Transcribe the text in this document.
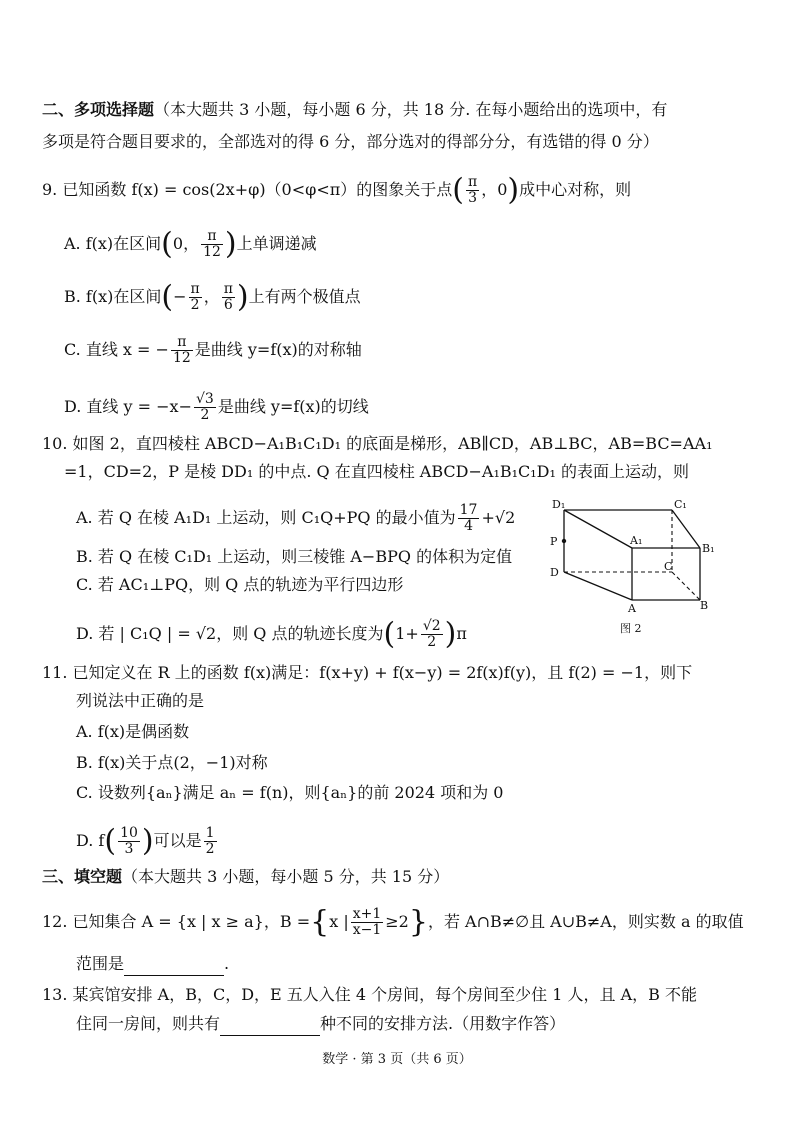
二、多项选择题（本大题共 3 小题，每小题 6 分，共 18 分. 在每小题给出的选项中，有
多项是符合题目要求的，全部选对的得 6 分，部分选对的得部分分，有选错的得 0 分）
9. 已知函数 f(x) = cos(2x+φ)（0<φ<π）的图象关于点( $\frac{\pi}{3}$ ，0)成中心对称，则
A. f(x)在区间(0， $\frac{\pi}{12}$ )上单调递减
B. f(x)在区间(− $\frac{\pi}{2}$ ， $\frac{\pi}{6}$ )上有两个极值点
C. 直线 x = − $\frac{\pi}{12}$ 是曲线 y=f(x)的对称轴
D. 直线 $y = -x- \frac{√3}{2}$ 是曲线 y=f(x)的切线
10. 如图 2，直四棱柱 ABCD−A₁B₁C₁D₁ 的底面是梯形，AB∥CD，AB⊥BC，AB=BC=AA₁
=1，CD=2，P 是棱 DD₁ 的中点. Q 在直四棱柱 ABCD−A₁B₁C₁D₁ 的表面上运动，则
A. 若 Q 在棱 A₁D₁ 上运动，则 C₁Q+PQ 的最小值为 $\frac{17}{4} +√2$
B. 若 Q 在棱 C₁D₁ 上运动，则三棱锥 A−BPQ 的体积为定值
C. 若 AC₁⊥PQ，则 Q 点的轨迹为平行四边形
D. 若 | C₁Q | = √2，则 Q 点的轨迹长度为$(1+ \frac{√2}{2} )\pi$
D₁	C₁
P	A₁
B₁
C
D
A	B
图 2
11. 已知定义在 R 上的函数 f(x)满足：f(x+y) + f(x−y) = 2f(x)f(y)，且 f(2) = −1，则下
列说法中正确的是
A. f(x)是偶函数
B. f(x)关于点(2，−1)对称
C. 设数列{aₙ}满足 aₙ = f(n)，则{aₙ}的前 2024 项和为 0
D. $f( \frac{10}{3}$ )可以是 $\frac{1}{2}$
三、填空题（本大题共 3 小题，每小题 5 分，共 15 分）
12. 已知集合 A = {x | x ≥ a}，B ={x | $\frac{x+1}{x-1} \ge 2$}，若 A∩B≠∅且 A∪B≠A，则实数 a 的取值
范围是	.
13. 某宾馆安排 A，B，C，D，E 五人入住 4 个房间，每个房间至少住 1 人，且 A，B 不能
住同一房间，则共有	种不同的安排方法.（用数字作答）
数学 · 第 3 页（共 6 页）
